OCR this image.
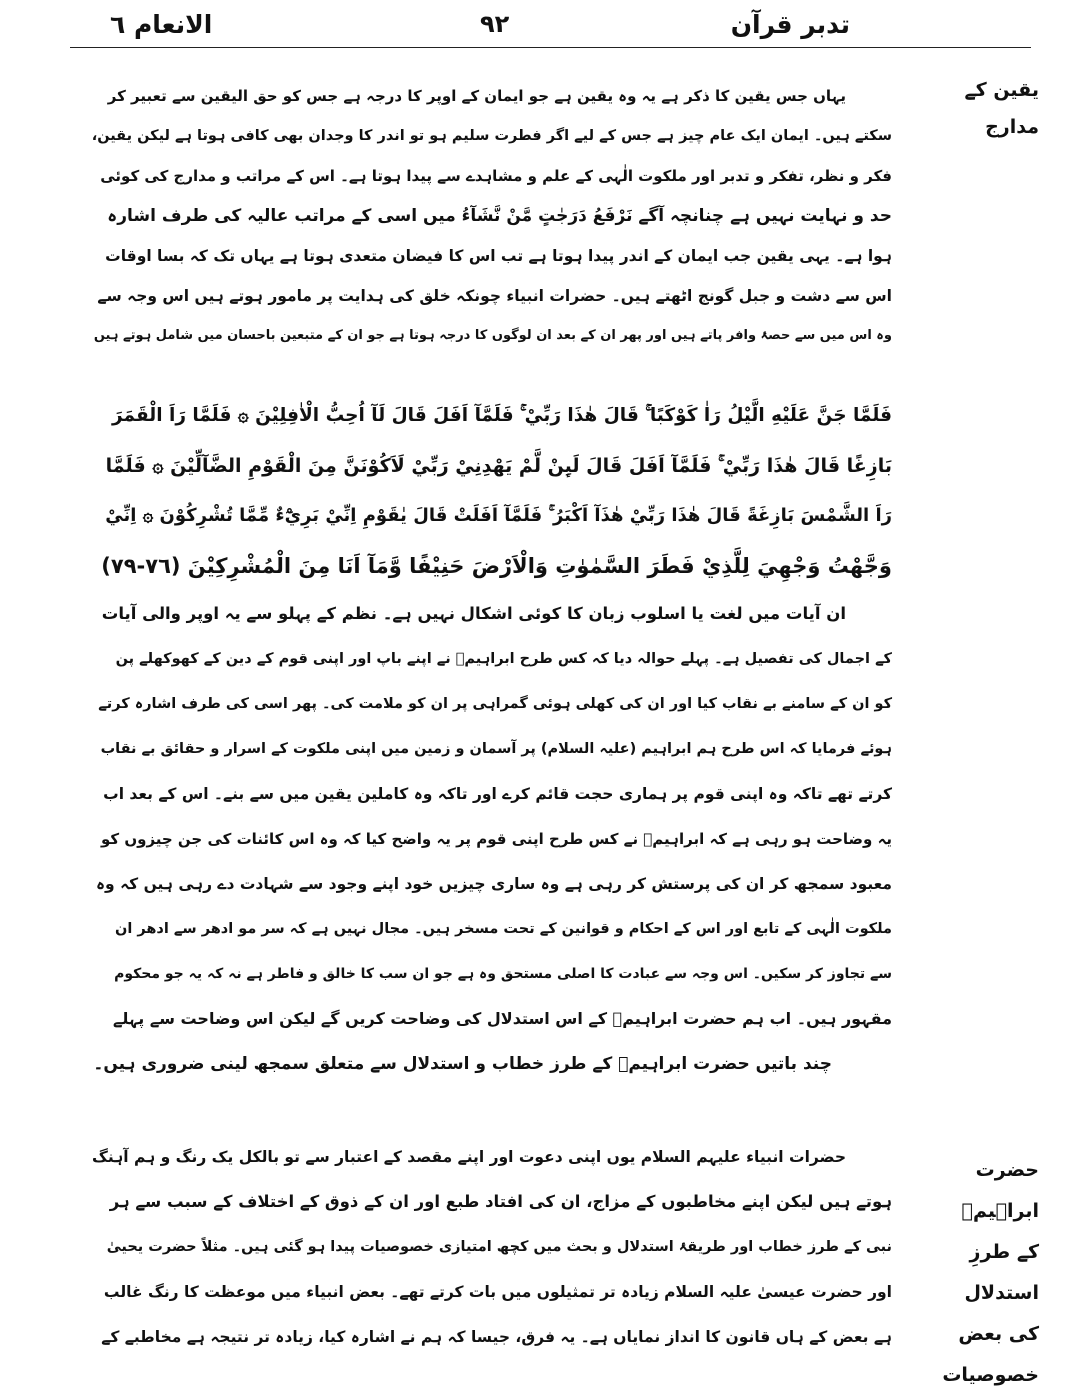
تدبر قرآن
۹۲
الانعام ٦
یقین کے
مدارج
حضرت ابراہیمؑ
کے طرزِ استدلال
کی بعض
خصوصیات
یہاں جس یقین کا ذکر ہے یہ وہ یقین ہے جو ایمان کے اوپر کا درجہ ہے جس کو حق الیقین سے تعبیر کر
سکتے ہیں۔ ایمان ایک عام چیز ہے جس کے لیے اگر فطرت سلیم ہو تو اندر کا وجدان بھی کافی ہوتا ہے لیکن یقین،
فکر و نظر، تفکر و تدبر اور ملکوت الٰہی کے علم و مشاہدے سے پیدا ہوتا ہے۔ اس کے مراتب و مدارج کی کوئی
حد و نہایت نہیں ہے چنانچہ آگے نَرْفَعُ دَرَجٰتٍ مَّنْ نَّشَآءُ میں اسی کے مراتب عالیہ کی طرف اشارہ
ہوا ہے۔ یہی یقین جب ایمان کے اندر پیدا ہوتا ہے تب اس کا فیضان متعدی ہوتا ہے یہاں تک کہ بسا اوقات
اس سے دشت و جبل گونج اٹھتے ہیں۔ حضرات انبیاء چونکہ خلق کی ہدایت پر مامور ہوتے ہیں اس وجہ سے
وہ اس میں سے حصۂ وافر پاتے ہیں اور پھر ان کے بعد ان لوگوں کا درجہ ہوتا ہے جو ان کے متبعین باحسان میں شامل ہوتے ہیں
فَلَمَّا جَنَّ عَلَيْهِ الَّيْلُ رَاٰ كَوْكَبًا ۚ قَالَ هٰذَا رَبِّيْ ۚ فَلَمَّآ اَفَلَ قَالَ لَآ اُحِبُّ الْاٰفِلِيْنَ ۞ فَلَمَّا رَاَ الْقَمَرَ
بَازِغًا قَالَ هٰذَا رَبِّيْ ۚ فَلَمَّآ اَفَلَ قَالَ لَىِٕنْ لَّمْ يَهْدِنِيْ رَبِّيْ لَاَكُوْنَنَّ مِنَ الْقَوْمِ الضَّآلِّيْنَ ۞ فَلَمَّا
رَاَ الشَّمْسَ بَازِغَةً قَالَ هٰذَا رَبِّيْ هٰذَآ اَكْبَرُ ۚ فَلَمَّآ اَفَلَتْ قَالَ يٰقَوْمِ اِنِّيْ بَرِيْٓءٌ مِّمَّا تُشْرِكُوْنَ ۞ اِنِّيْ
وَجَّهْتُ وَجْهِيَ لِلَّذِيْ فَطَرَ السَّمٰوٰتِ وَالْاَرْضَ حَنِيْفًا وَّمَآ اَنَا مِنَ الْمُشْرِكِيْنَ (٧٦-٧٩)
ان آیات میں لغت یا اسلوب زبان کا کوئی اشکال نہیں ہے۔ نظم کے پہلو سے یہ اوپر والی آیات
کے اجمال کی تفصیل ہے۔ پہلے حوالہ دیا کہ کس طرح ابراہیمؑ نے اپنے باپ اور اپنی قوم کے دین کے کھوکھلے پن
کو ان کے سامنے بے نقاب کیا اور ان کی کھلی ہوئی گمراہی پر ان کو ملامت کی۔ پھر اسی کی طرف اشارہ کرتے
ہوئے فرمایا کہ اس طرح ہم ابراہیم (علیہ السلام) پر آسمان و زمین میں اپنی ملکوت کے اسرار و حقائق بے نقاب
کرتے تھے تاکہ وہ اپنی قوم پر ہماری حجت قائم کرے اور تاکہ وہ کاملین یقین میں سے بنے۔ اس کے بعد اب
یہ وضاحت ہو رہی ہے کہ ابراہیمؑ نے کس طرح اپنی قوم پر یہ واضح کیا کہ وہ اس کائنات کی جن چیزوں کو
معبود سمجھ کر ان کی پرستش کر رہی ہے وہ ساری چیزیں خود اپنے وجود سے شہادت دے رہی ہیں کہ وہ
ملکوت الٰہی کے تابع اور اس کے احکام و قوانین کے تحت مسخر ہیں۔ مجال نہیں ہے کہ سر مو ادھر سے ادھر ان
سے تجاوز کر سکیں۔ اس وجہ سے عبادت کا اصلی مستحق وہ ہے جو ان سب کا خالق و فاطر ہے نہ کہ یہ جو محکوم
مقہور ہیں۔ اب ہم حضرت ابراہیمؑ کے اس استدلال کی وضاحت کریں گے لیکن اس وضاحت سے پہلے
چند باتیں حضرت ابراہیمؑ کے طرز خطاب و استدلال سے متعلق سمجھ لینی ضروری ہیں۔
حضرات انبیاء علیہم السلام یوں اپنی دعوت اور اپنے مقصد کے اعتبار سے تو بالکل یک رنگ و ہم آہنگ
ہوتے ہیں لیکن اپنے مخاطبوں کے مزاج، ان کی افتاد طبع اور ان کے ذوق کے اختلاف کے سبب سے ہر
نبی کے طرز خطاب اور طریقۂ استدلال و بحث میں کچھ امتیازی خصوصیات پیدا ہو گئی ہیں۔ مثلاً حضرت یحییٰ
اور حضرت عیسیٰ علیہ السلام زیادہ تر تمثیلوں میں بات کرتے تھے۔ بعض انبیاء میں موعظت کا رنگ غالب
ہے بعض کے ہاں قانون کا انداز نمایاں ہے۔ یہ فرق، جیسا کہ ہم نے اشارہ کیا، زیادہ تر نتیجہ ہے مخاطبے کے
